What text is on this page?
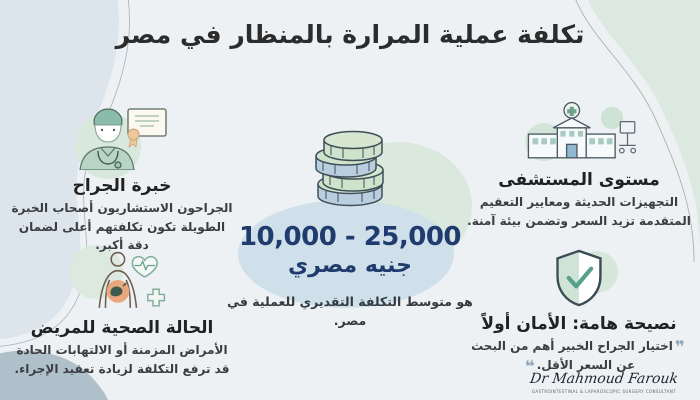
تكلفة عملية المرارة بالمنظار في مصر
خبرة الجراح

الجراحون الاستشاريون أصحاب الخبرة الطويلة تكون تكلفتهم أعلى لضمان دقة أكبر.

الحالة الصحية للمريض

الأمراض المزمنة أو الالتهابات الحادة قد ترفع التكلفة لزيادة تعقيد الإجراء.

10,000 - 25,000
جنيه مصري

هو متوسط التكلفة التقديري للعملية في مصر.

مستوى المستشفى

التجهيزات الحديثة ومعايير التعقيم المتقدمة تزيد السعر وتضمن بيئة آمنة.

نصيحة هامة: الأمان أولاً

❞اختيار الجراح الخبير أهم من البحث عن السعر الأقل.❝

Dr Mahmoud Farouk
GASTROINTESTINAL & LAPAROSCOPIC SURGERY CONSULTANT
